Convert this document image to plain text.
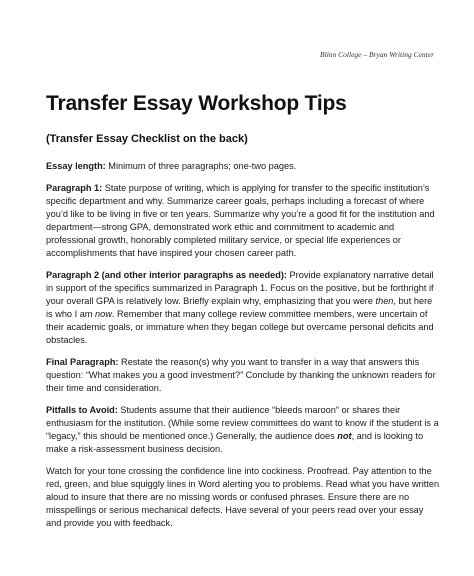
Blinn College – Bryan Writing Center
Transfer Essay Workshop Tips
(Transfer Essay Checklist on the back)

Essay length: Minimum of three paragraphs; one-two pages.

Paragraph 1: State purpose of writing, which is applying for transfer to the specific institution’s specific department and why. Summarize career goals, perhaps including a forecast of where you’d like to be living in five or ten years. Summarize why you’re a good fit for the institution and department—strong GPA, demonstrated work ethic and commitment to academic and professional growth, honorably completed military service, or special life experiences or accomplishments that have inspired your chosen career path.

Paragraph 2 (and other interior paragraphs as needed): Provide explanatory narrative detail in support of the specifics summarized in Paragraph 1. Focus on the positive, but be forthright if your overall GPA is relatively low. Briefly explain why, emphasizing that you were then, but here is who I am now. Remember that many college review committee members, were uncertain of their academic goals, or immature when they began college but overcame personal deficits and obstacles.

Final Paragraph: Restate the reason(s) why you want to transfer in a way that answers this question: “What makes you a good investment?” Conclude by thanking the unknown readers for their time and consideration.

Pitfalls to Avoid: Students assume that their audience “bleeds maroon” or shares their enthusiasm for the institution. (While some review committees do want to know if the student is a “legacy,” this should be mentioned once.) Generally, the audience does not, and is looking to make a risk-assessment business decision.

Watch for your tone crossing the confidence line into cockiness. Proofread. Pay attention to the red, green, and blue squiggly lines in Word alerting you to problems. Read what you have written aloud to insure that there are no missing words or confused phrases. Ensure there are no misspellings or serious mechanical defects. Have several of your peers read over your essay and provide you with feedback.
